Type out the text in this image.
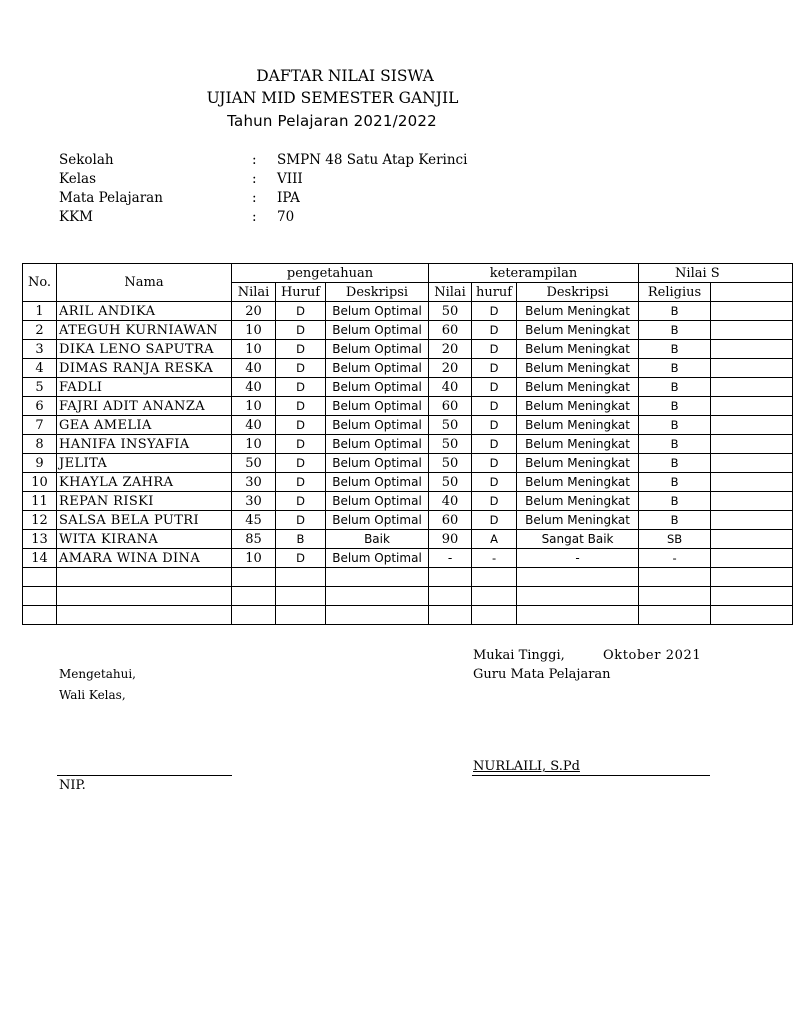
DAFTAR NILAI SISWA
UJIAN MID SEMESTER GANJIL
Tahun Pelajaran 2021/2022
Sekolah	: SMPN 48 Satu Atap Kerinci
Kelas	: VIII
Mata Pelajaran	: IPA
KKM	: 70
No.	Nama	pengetahuan			keterampilan			Nilai S	
		Nilai	Huruf	Deskripsi	Nilai	huruf	Deskripsi	Religius	
1	ARIL ANDIKA	20	D	Belum Optimal	50	D	Belum Meningkat	B	
2	ATEGUH KURNIAWAN	10	D	Belum Optimal	60	D	Belum Meningkat	B	
3	DIKA LENO SAPUTRA	10	D	Belum Optimal	20	D	Belum Meningkat	B	
4	DIMAS RANJA RESKA	40	D	Belum Optimal	20	D	Belum Meningkat	B	
5	FADLI	40	D	Belum Optimal	40	D	Belum Meningkat	B	
6	FAJRI ADIT ANANZA	10	D	Belum Optimal	60	D	Belum Meningkat	B	
7	GEA AMELIA	40	D	Belum Optimal	50	D	Belum Meningkat	B	
8	HANIFA INSYAFIA	10	D	Belum Optimal	50	D	Belum Meningkat	B	
9	JELITA	50	D	Belum Optimal	50	D	Belum Meningkat	B	
10	KHAYLA ZAHRA	30	D	Belum Optimal	50	D	Belum Meningkat	B	
11	REPAN RISKI	30	D	Belum Optimal	40	D	Belum Meningkat	B	
12	SALSA BELA PUTRI	45	D	Belum Optimal	60	D	Belum Meningkat	B	
13	WITA KIRANA	85	B	Baik	90	A	Sangat Baik	SB	
14	AMARA WINA DINA	10	D	Belum Optimal	-	-	-	-	

Mukai Tinggi,	Oktober 2021
Mengetahui,	Guru Mata Pelajaran
Wali Kelas,
NURLAILI, S.Pd
NIP.
